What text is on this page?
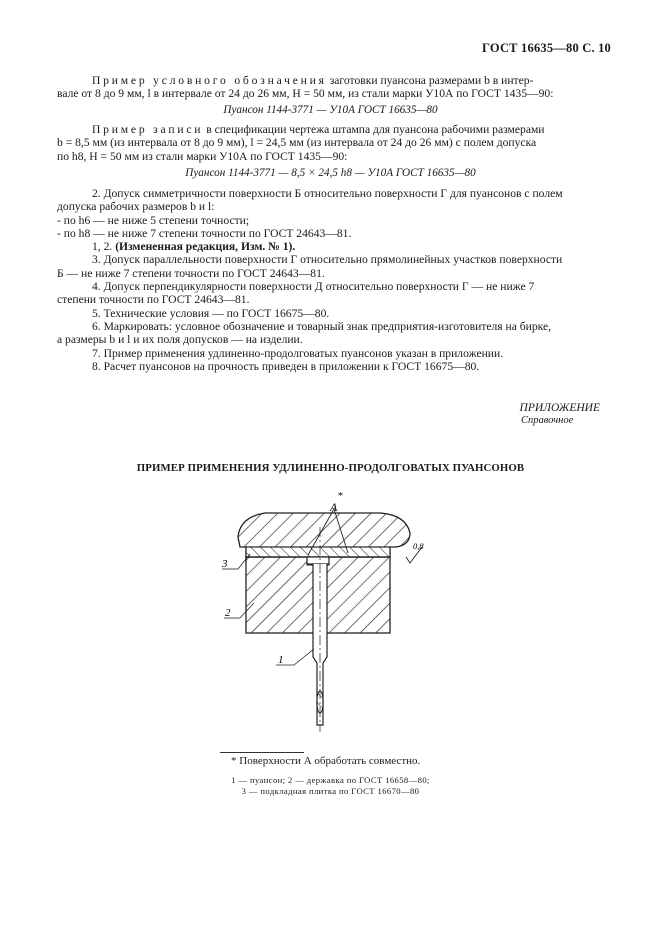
ГОСТ 16635—80 С. 10
Пример условного обозначения заготовки пуансона размерами b в интер-
вале от 8 до 9 мм, l в интервале от 24 до 26 мм, H = 50 мм, из стали марки У10А по ГОСТ 1435—90:
Пуансон 1144-3771 — У10А ГОСТ 16635—80
Пример записи в спецификации чертежа штампа для пуансона рабочими размерами
b = 8,5 мм (из интервала от 8 до 9 мм), l = 24,5 мм (из интервала от 24 до 26 мм) с полем допуска
по h8, H = 50 мм из стали марки У10А по ГОСТ 1435—90:
Пуансон 1144-3771 — 8,5 × 24,5 h8 — У10А ГОСТ 16635—80
2. Допуск симметричности поверхности Б относительно поверхности Г для пуансонов с полем
допуска рабочих размеров b и l:
- по h6 — не ниже 5 степени точности;
- по h8 — не ниже 7 степени точности по ГОСТ 24643—81.
1, 2. (Измененная редакция, Изм. № 1).
3. Допуск параллельности поверхности Г относительно прямолинейных участков поверхности
Б — не ниже 7 степени точности по ГОСТ 24643—81.
4. Допуск перпендикулярности поверхности Д относительно поверхности Г — не ниже 7
степени точности по ГОСТ 24643—81.
5. Технические условия — по ГОСТ 16675—80.
6. Маркировать: условное обозначение и товарный знак предприятия-изготовителя на бирке,
а размеры b и l и их поля допусков — на изделии.
7. Пример применения удлиненно-продолговатых пуансонов указан в приложении.
8. Расчет пуансонов на прочность приведен в приложении к ГОСТ 16675—80.
ПРИЛОЖЕНИЕ
Справочное
ПРИМЕР ПРИМЕНЕНИЯ УДЛИНЕННО-ПРОДОЛГОВАТЫХ ПУАНСОНОВ
А
*
0,8
3
2
1
* Поверхности А обработать совместно.
1 — пуансон; 2 — державка по ГОСТ 16658—80;
3 — подкладная плитка по ГОСТ 16670—80
